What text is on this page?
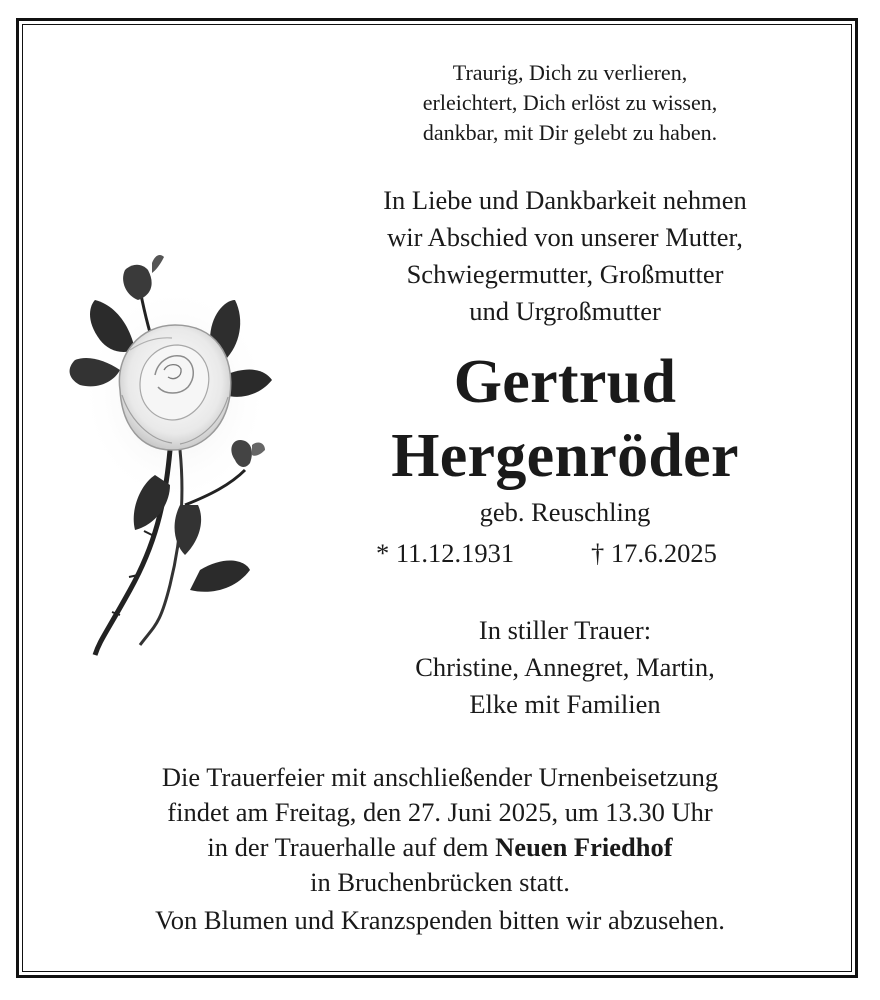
Traurig, Dich zu verlieren,
erleichtert, Dich erlöst zu wissen,
dankbar, mit Dir gelebt zu haben.

In Liebe und Dankbarkeit nehmen
wir Abschied von unserer Mutter,
Schwiegermutter, Großmutter
und Urgroßmutter

Gertrud
Hergenröder

geb. Reuschling

* 11.12.1931	† 17.6.2025

In stiller Trauer:
Christine, Annegret, Martin,
Elke mit Familien

Die Trauerfeier mit anschließender Urnenbeisetzung
findet am Freitag, den 27. Juni 2025, um 13.30 Uhr
in der Trauerhalle auf dem Neuen Friedhof
in Bruchenbrücken statt.

Von Blumen und Kranzspenden bitten wir abzusehen.
